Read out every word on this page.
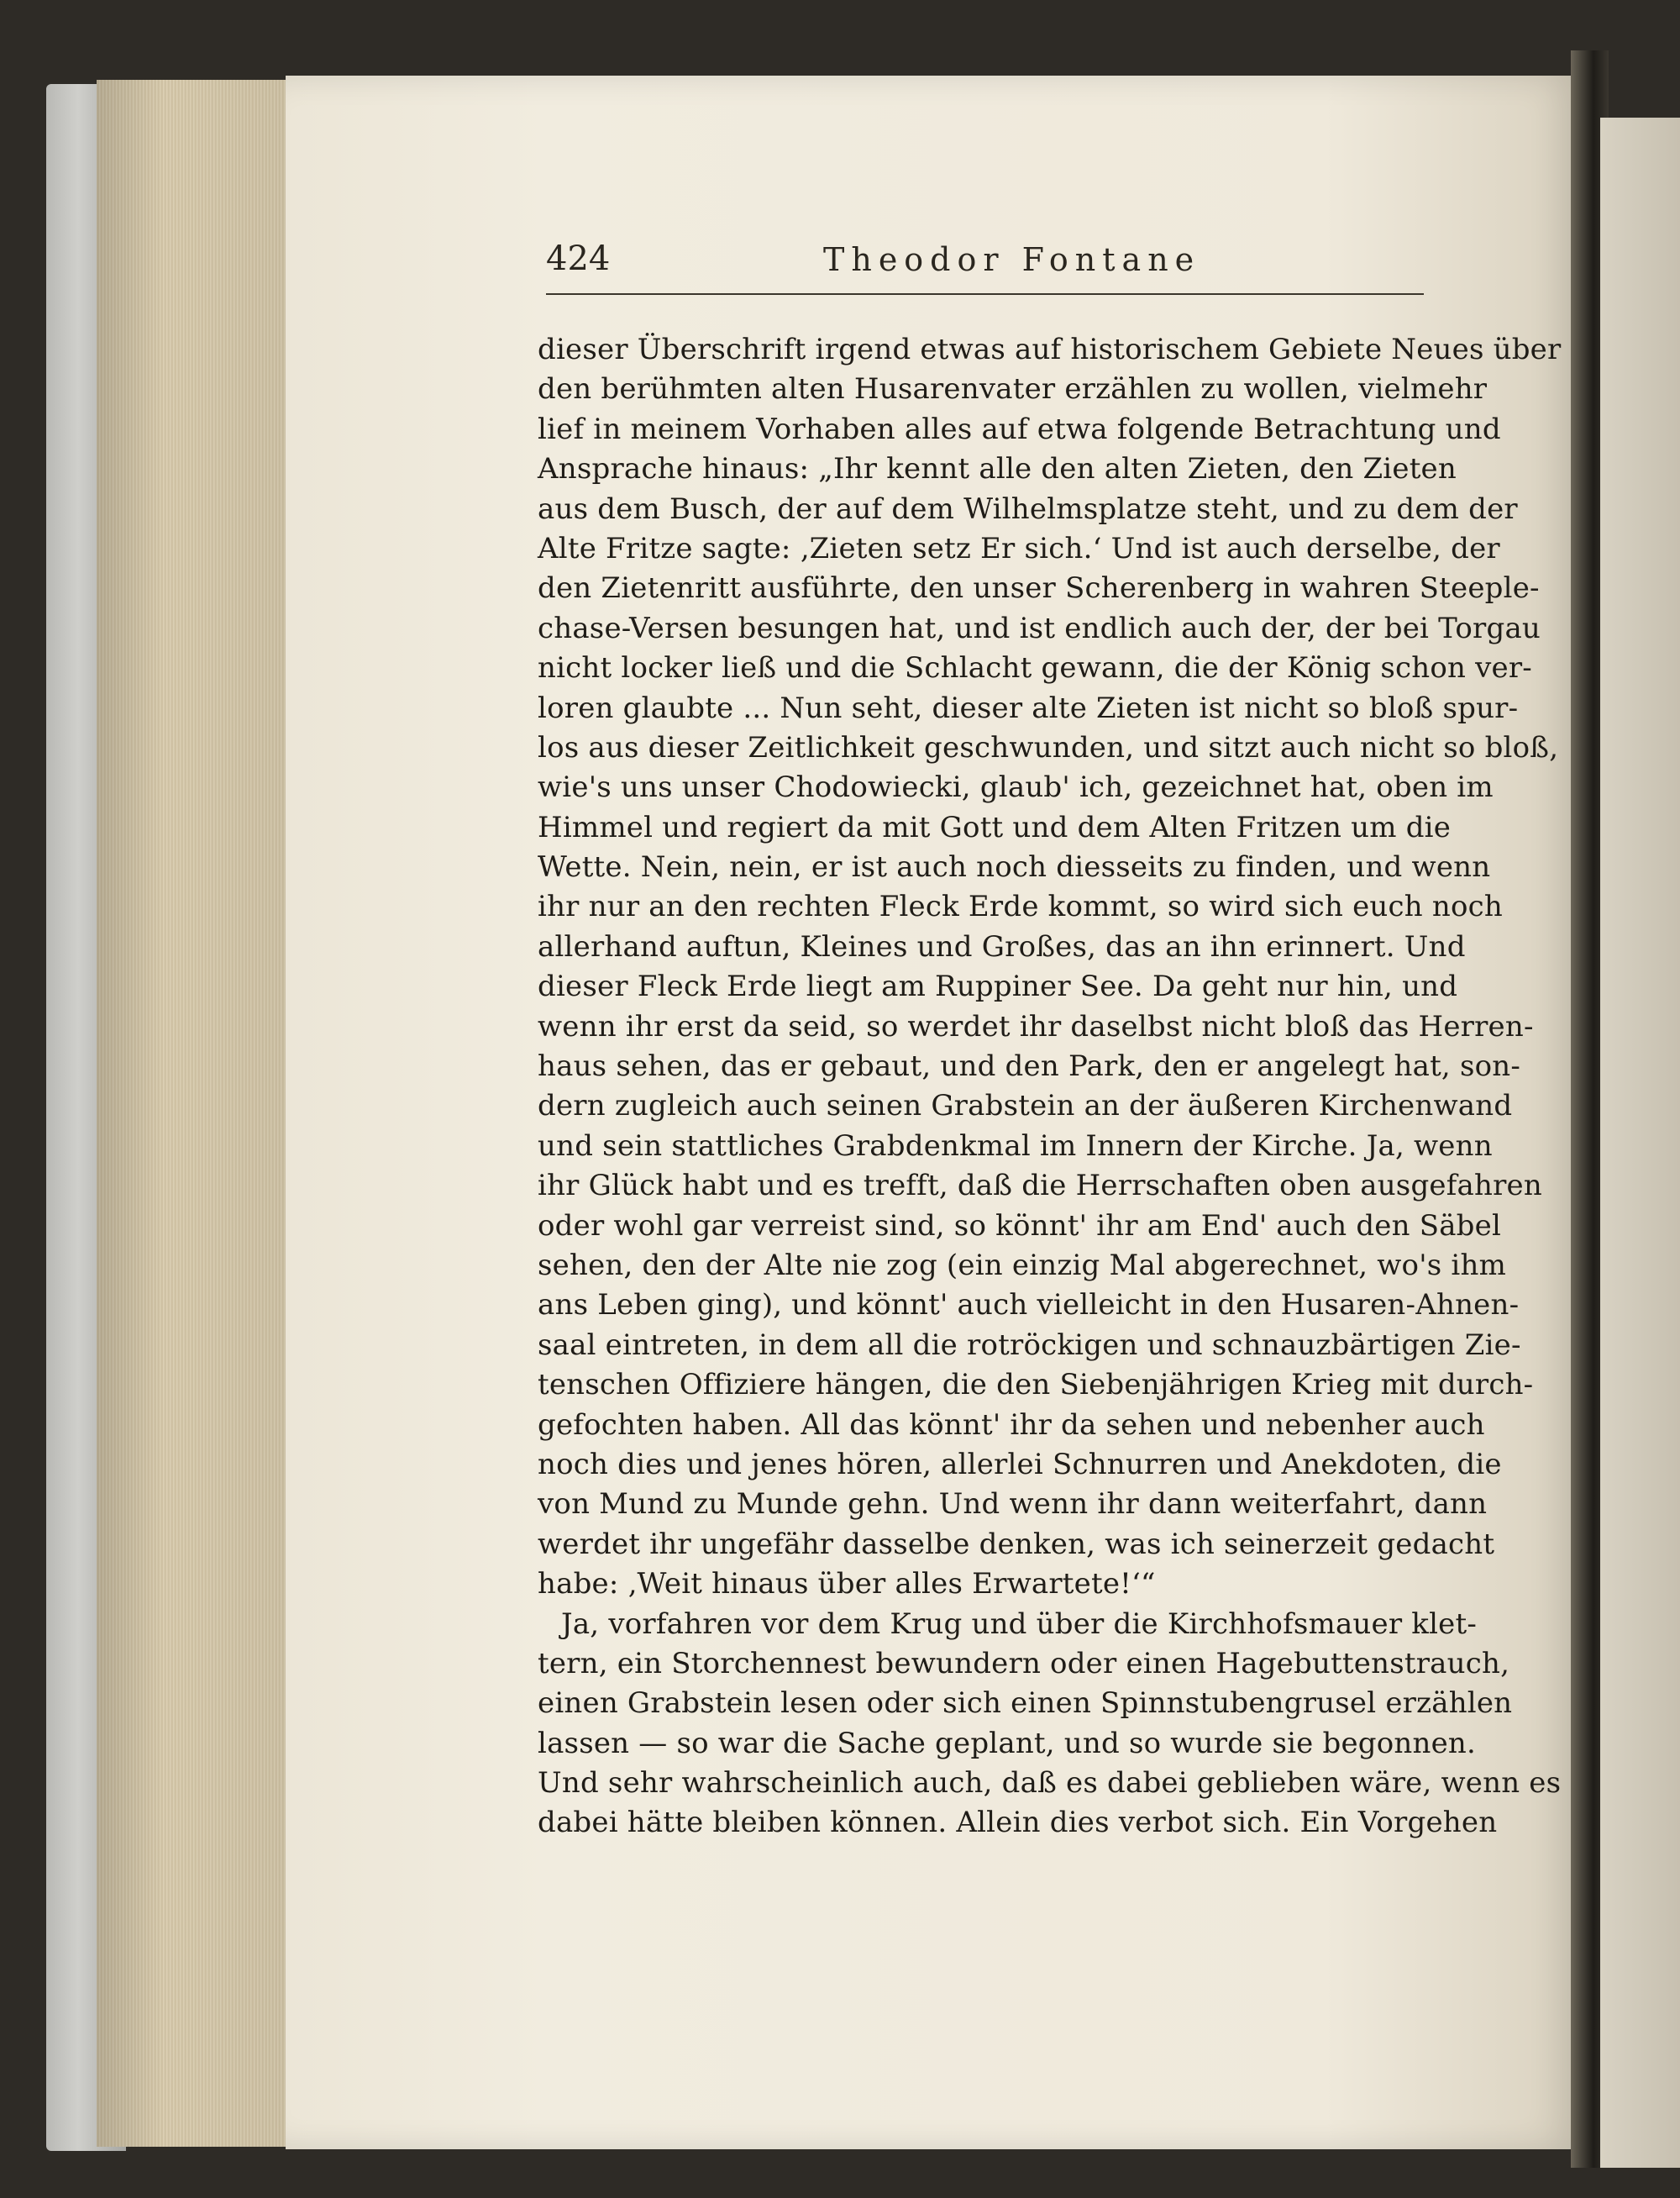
424	Theodor Fontane
dieser Überschrift irgend etwas auf historischem Gebiete Neues über
den berühmten alten Husarenvater erzählen zu wollen, vielmehr
lief in meinem Vorhaben alles auf etwa folgende Betrachtung und
Ansprache hinaus: „Ihr kennt alle den alten Zieten, den Zieten
aus dem Busch, der auf dem Wilhelmsplatze steht, und zu dem der
Alte Fritze sagte: ‚Zieten setz Er sich.‘ Und ist auch derselbe, der
den Zietenritt ausführte, den unser Scherenberg in wahren Steeple-
chase-Versen besungen hat, und ist endlich auch der, der bei Torgau
nicht locker ließ und die Schlacht gewann, die der König schon ver-
loren glaubte ... Nun seht, dieser alte Zieten ist nicht so bloß spur-
los aus dieser Zeitlichkeit geschwunden, und sitzt auch nicht so bloß,
wie's uns unser Chodowiecki, glaub' ich, gezeichnet hat, oben im
Himmel und regiert da mit Gott und dem Alten Fritzen um die
Wette. Nein, nein, er ist auch noch diesseits zu finden, und wenn
ihr nur an den rechten Fleck Erde kommt, so wird sich euch noch
allerhand auftun, Kleines und Großes, das an ihn erinnert. Und
dieser Fleck Erde liegt am Ruppiner See. Da geht nur hin, und
wenn ihr erst da seid, so werdet ihr daselbst nicht bloß das Herren-
haus sehen, das er gebaut, und den Park, den er angelegt hat, son-
dern zugleich auch seinen Grabstein an der äußeren Kirchenwand
und sein stattliches Grabdenkmal im Innern der Kirche. Ja, wenn
ihr Glück habt und es trefft, daß die Herrschaften oben ausgefahren
oder wohl gar verreist sind, so könnt' ihr am End' auch den Säbel
sehen, den der Alte nie zog (ein einzig Mal abgerechnet, wo's ihm
ans Leben ging), und könnt' auch vielleicht in den Husaren-Ahnen-
saal eintreten, in dem all die rotröckigen und schnauzbärtigen Zie-
tenschen Offiziere hängen, die den Siebenjährigen Krieg mit durch-
gefochten haben. All das könnt' ihr da sehen und nebenher auch
noch dies und jenes hören, allerlei Schnurren und Anekdoten, die
von Mund zu Munde gehn. Und wenn ihr dann weiterfahrt, dann
werdet ihr ungefähr dasselbe denken, was ich seinerzeit gedacht
habe: ‚Weit hinaus über alles Erwartete!‘“
Ja, vorfahren vor dem Krug und über die Kirchhofsmauer klet-
tern, ein Storchennest bewundern oder einen Hagebuttenstrauch,
einen Grabstein lesen oder sich einen Spinnstubengrusel erzählen
lassen — so war die Sache geplant, und so wurde sie begonnen.
Und sehr wahrscheinlich auch, daß es dabei geblieben wäre, wenn es
dabei hätte bleiben können. Allein dies verbot sich. Ein Vorgehen
